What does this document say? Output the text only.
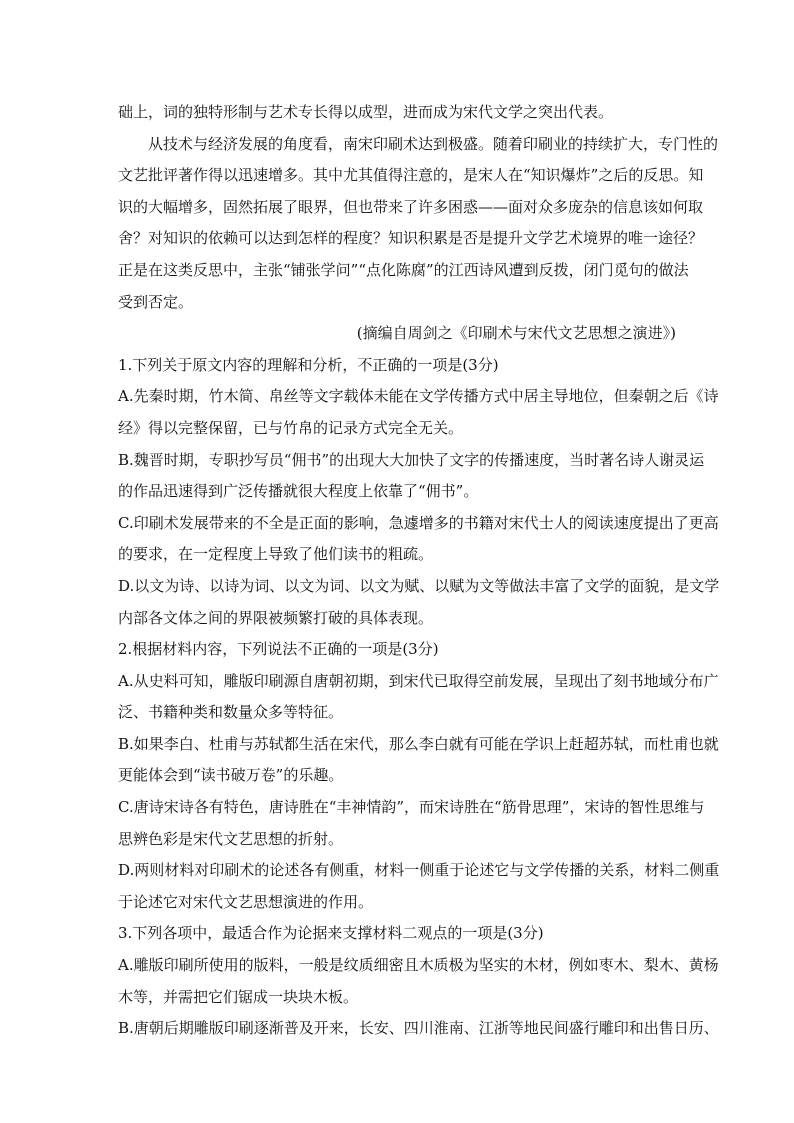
础上，词的独特形制与艺术专长得以成型，进而成为宋代文学之突出代表。

从技术与经济发展的角度看，南宋印刷术达到极盛。随着印刷业的持续扩大，专门性的

文艺批评著作得以迅速增多。其中尤其值得注意的，是宋人在“知识爆炸”之后的反思。知

识的大幅增多，固然拓展了眼界，但也带来了许多困惑——面对众多庞杂的信息该如何取

舍？对知识的依赖可以达到怎样的程度？知识积累是否是提升文学艺术境界的唯一途径？

正是在这类反思中，主张“铺张学问”“点化陈腐”的江西诗风遭到反拨，闭门觅句的做法

受到否定。

(摘编自周剑之《印刷术与宋代文艺思想之演进》)

1.下列关于原文内容的理解和分析，不正确的一项是(3分)

A.先秦时期，竹木简、帛丝等文字载体未能在文学传播方式中居主导地位，但秦朝之后《诗

经》得以完整保留，已与竹帛的记录方式完全无关。

B.魏晋时期，专职抄写员“佣书”的出现大大加快了文字的传播速度，当时著名诗人谢灵运

的作品迅速得到广泛传播就很大程度上依靠了“佣书”。

C.印刷术发展带来的不全是正面的影响，急遽增多的书籍对宋代士人的阅读速度提出了更高

的要求，在一定程度上导致了他们读书的粗疏。

D.以文为诗、以诗为词、以文为词、以文为赋、以赋为文等做法丰富了文学的面貌，是文学

内部各文体之间的界限被频繁打破的具体表现。

2.根据材料内容，下列说法不正确的一项是(3分)

A.从史料可知，雕版印刷源自唐朝初期，到宋代已取得空前发展，呈现出了刻书地域分布广

泛、书籍种类和数量众多等特征。

B.如果李白、杜甫与苏轼都生活在宋代，那么李白就有可能在学识上赶超苏轼，而杜甫也就

更能体会到“读书破万卷”的乐趣。

C.唐诗宋诗各有特色，唐诗胜在“丰神情韵”，而宋诗胜在“筋骨思理”，宋诗的智性思维与

思辨色彩是宋代文艺思想的折射。

D.两则材料对印刷术的论述各有侧重，材料一侧重于论述它与文学传播的关系，材料二侧重

于论述它对宋代文艺思想演进的作用。

3.下列各项中，最适合作为论据来支撑材料二观点的一项是(3分)

A.雕版印刷所使用的版料，一般是纹质细密且木质极为坚实的木材，例如枣木、梨木、黄杨

木等，并需把它们锯成一块块木板。

B.唐朝后期雕版印刷逐渐普及开来，长安、四川淮南、江浙等地民间盛行雕印和出售日历、
